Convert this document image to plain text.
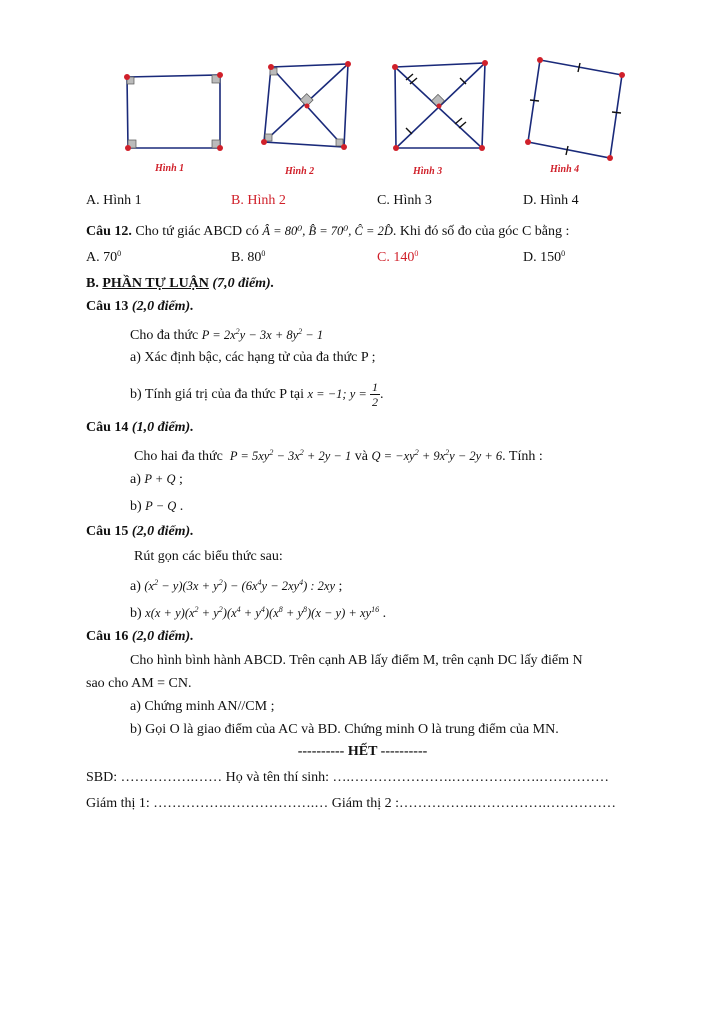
Hình 1	Hình 2	Hình 3	Hình 4
A. Hình 1	B. Hình 2	C. Hình 3	D. Hình 4
Câu 12. Cho tứ giác ABCD có Â = 80⁰, B̂ = 70⁰, Ĉ = 2D̂. Khi đó số đo của góc C bằng :
A. $70^0$	B. $80^0$	C. $140^0$	D. $150^0$
B. PHẦN TỰ LUẬN (7,0 điểm).
Câu 13 (2,0 điểm).
Cho đa thức $P = 2x^2y - 3x + 8y^2 - 1$
a) Xác định bậc, các hạng tử của đa thức P ;
b) Tính giá trị của đa thức P tại x = −1; $y = \frac{1}{2}$ .
Câu 14 (1,0 điểm).
Cho hai đa thức  $P = 5xy^2 - 3x^2 + 2y - 1$ và $Q = -xy^2 + 9x^2y - 2y + 6$. Tính :
a) P + Q ;
b) P − Q .
Câu 15 (2,0 điểm).
Rút gọn các biểu thức sau:
a) $(x^2 - y)(3x + y^2) - (6x^4y - 2xy^4)$ : 2xy ;
b) $x(x + y)(x^2 + y^2)(x^4 + y^4)(x^8 + y^8)(x - y) + xy^{16}$ .
Câu 16 (2,0 điểm).
Cho hình bình hành ABCD. Trên cạnh AB lấy điểm M, trên cạnh DC lấy điểm N
sao cho AM = CN.
a) Chứng minh AN//CM ;
b) Gọi O là giao điểm của AC và BD. Chứng minh O là trung điểm của MN.
---------- HẾT ----------
SBD: …………….…… Họ và tên thí sinh: ….………………….……………….……………
Giám thị 1: …………….……………….… Giám thị 2 :…………….…………….……………
